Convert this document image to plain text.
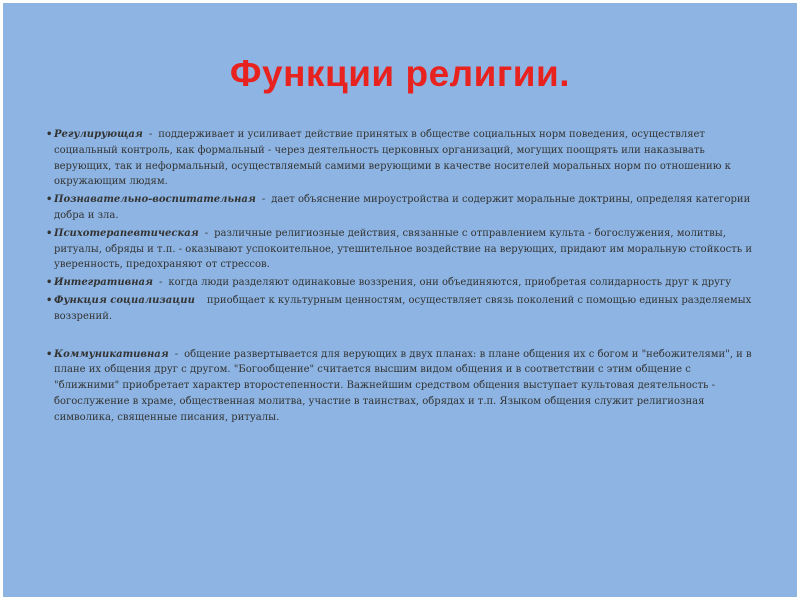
Функции религии.
• Регулирующая - поддерживает и усиливает действие принятых в обществе социальных норм поведения, осуществляет социальный контроль, как формальный - через деятельность церковных организаций, могущих поощрять или наказывать верующих, так и неформальный, осуществляемый самими верующими в качестве носителей моральных норм по отношению к окружающим людям.
• Познавательно-воспитательная - дает объяснение мироустройства и содержит моральные доктрины, определяя категории добра и зла.
• Психотерапевтическая - различные религиозные действия, связанные с отправлением культа - богослужения, молитвы, ритуалы, обряды и т.п. - оказывают успокоительное, утешительное воздействие на верующих, придают им моральную стойкость и уверенность, предохраняют от стрессов.
• Интегративная - когда люди разделяют одинаковые воззрения, они объединяются, приобретая солидарность друг к другу
• Функция социализации приобщает к культурным ценностям, осуществляет связь поколений с помощью единых разделяемых воззрений.
• Коммуникативная - общение развертывается для верующих в двух планах: в плане общения их с богом и "небожителями", и в плане их общения друг с другом. "Богообщение" считается высшим видом общения и в соответствии с этим общение с "ближними" приобретает характер второстепенности. Важнейшим средством общения выступает культовая деятельность - богослужение в храме, общественная молитва, участие в таинствах, обрядах и т.п. Языком общения служит религиозная символика, священные писания, ритуалы.
